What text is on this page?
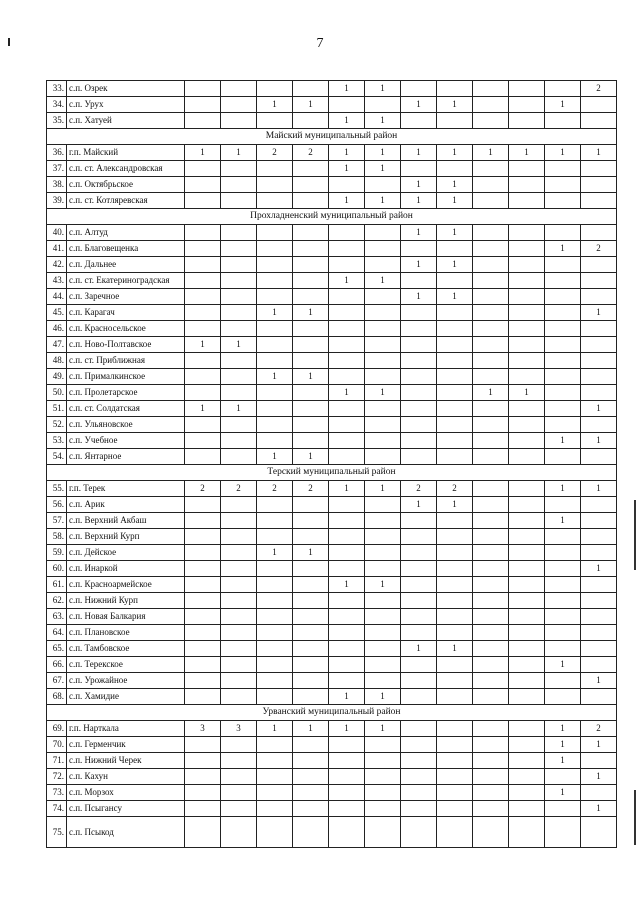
7
33.	с.п. Озрек					1	1						2
34.	с.п. Урух			1	1			1	1			1	
35.	с.п. Хатуей					1	1						
Майский муниципальный район													
36.	г.п. Майский	1	1	2	2	1	1	1	1	1	1	1	1
37.	с.п. ст. Александровская					1	1						
38.	с.п. Октябрьское							1	1				
39.	с.п. ст. Котляревская					1	1	1	1				
Прохладненский муниципальный район													
40.	с.п. Алтуд							1	1				
41.	с.п. Благовещенка											1	2
42.	с.п. Дальнее							1	1				
43.	с.п. ст. Екатериноградская					1	1						
44.	с.п. Заречное							1	1				
45.	с.п. Карагач			1	1								1
46.	с.п. Красносельское												
47.	с.п. Ново-Полтавское	1	1										
48.	с.п. ст. Приближная												
49.	с.п. Прималкинское			1	1								
50.	с.п. Пролетарское					1	1			1	1		
51.	с.п. ст. Солдатская	1	1										1
52.	с.п. Ульяновское												
53.	с.п. Учебное											1	1
54.	с.п. Янтарное			1	1								
Терский муниципальный район													
55.	г.п. Терек	2	2	2	2	1	1	2	2			1	1
56.	с.п. Арик							1	1				
57.	с.п. Верхний Акбаш											1	
58.	с.п. Верхний Курп												
59.	с.п. Дейское			1	1								
60.	с.п. Инаркой												1
61.	с.п. Красноармейское					1	1						
62.	с.п. Нижний Курп												
63.	с.п. Новая Балкария												
64.	с.п. Плановское												
65.	с.п. Тамбовское							1	1				
66.	с.п. Терекское											1	
67.	с.п. Урожайное												1
68.	с.п. Хамидие					1	1						
Урванский муниципальный район													
69.	г.п. Нарткала	3	3	1	1	1	1					1	2
70.	с.п. Герменчик											1	1
71.	с.п. Нижний Черек											1	
72.	с.п. Кахун												1
73.	с.п. Морзох											1	
74.	с.п. Псыгансу												1
75.	с.п. Псыкод												
